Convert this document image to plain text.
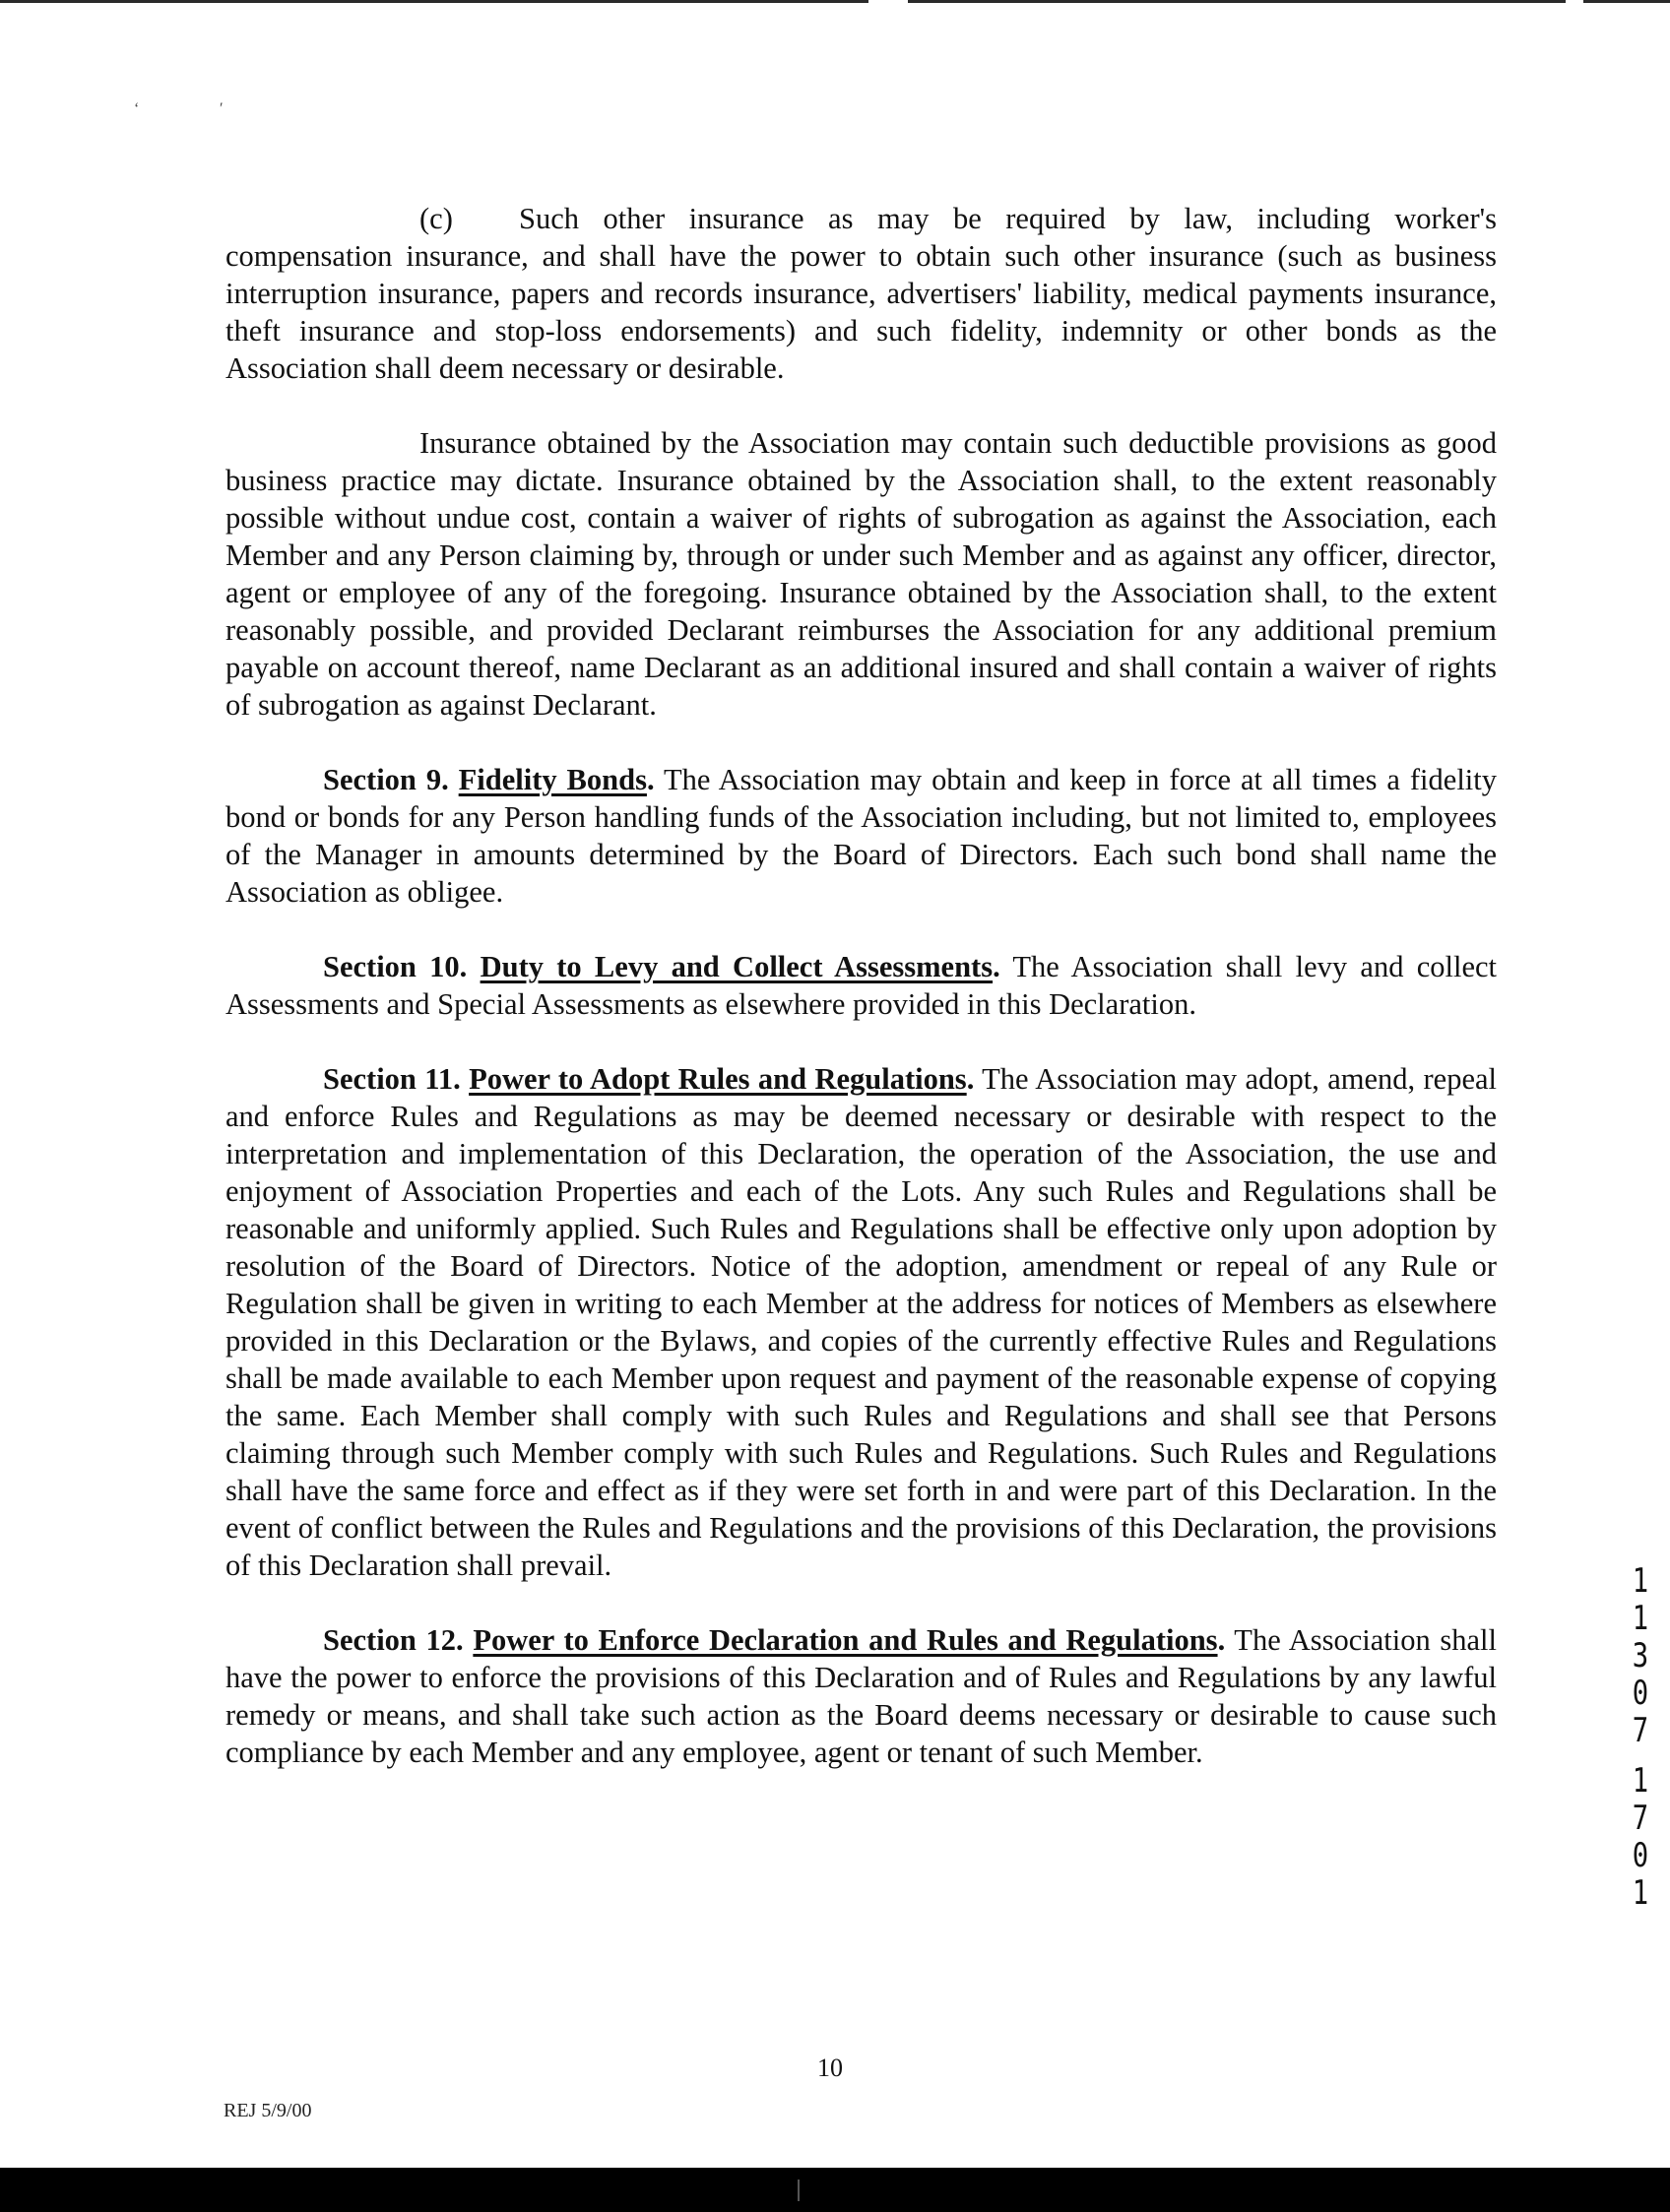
ʻ	′

(c) Such other insurance as may be required by law, including worker's compensation insurance, and shall have the power to obtain such other insurance (such as business interruption insurance, papers and records insurance, advertisers' liability, medical payments insurance, theft insurance and stop-loss endorsements) and such fidelity, indemnity or other bonds as the Association shall deem necessary or desirable.

Insurance obtained by the Association may contain such deductible provisions as good business practice may dictate. Insurance obtained by the Association shall, to the extent reasonably possible without undue cost, contain a waiver of rights of subrogation as against the Association, each Member and any Person claiming by, through or under such Member and as against any officer, director, agent or employee of any of the foregoing. Insurance obtained by the Association shall, to the extent reasonably possible, and provided Declarant reimburses the Association for any additional premium payable on account thereof, name Declarant as an additional insured and shall contain a waiver of rights of subrogation as against Declarant.

Section 9. Fidelity Bonds. The Association may obtain and keep in force at all times a fidelity bond or bonds for any Person handling funds of the Association including, but not limited to, employees of the Manager in amounts determined by the Board of Directors. Each such bond shall name the Association as obligee.

Section 10. Duty to Levy and Collect Assessments. The Association shall levy and collect Assessments and Special Assessments as elsewhere provided in this Declaration.

Section 11. Power to Adopt Rules and Regulations. The Association may adopt, amend, repeal and enforce Rules and Regulations as may be deemed necessary or desirable with respect to the interpretation and implementation of this Declaration, the operation of the Association, the use and enjoyment of Association Properties and each of the Lots. Any such Rules and Regulations shall be reasonable and uniformly applied. Such Rules and Regulations shall be effective only upon adoption by resolution of the Board of Directors. Notice of the adoption, amendment or repeal of any Rule or Regulation shall be given in writing to each Member at the address for notices of Members as elsewhere provided in this Declaration or the Bylaws, and copies of the currently effective Rules and Regulations shall be made available to each Member upon request and payment of the reasonable expense of copying the same. Each Member shall comply with such Rules and Regulations and shall see that Persons claiming through such Member comply with such Rules and Regulations. Such Rules and Regulations shall have the same force and effect as if they were set forth in and were part of this Declaration. In the event of conflict between the Rules and Regulations and the provisions of this Declaration, the provisions of this Declaration shall prevail.

Section 12. Power to Enforce Declaration and Rules and Regulations. The Association shall have the power to enforce the provisions of this Declaration and of Rules and Regulations by any lawful remedy or means, and shall take such action as the Board deems necessary or desirable to cause such compliance by each Member and any employee, agent or tenant of such Member.

1
1
3
0
7
1
7
0
1

10

REJ 5/9/00
